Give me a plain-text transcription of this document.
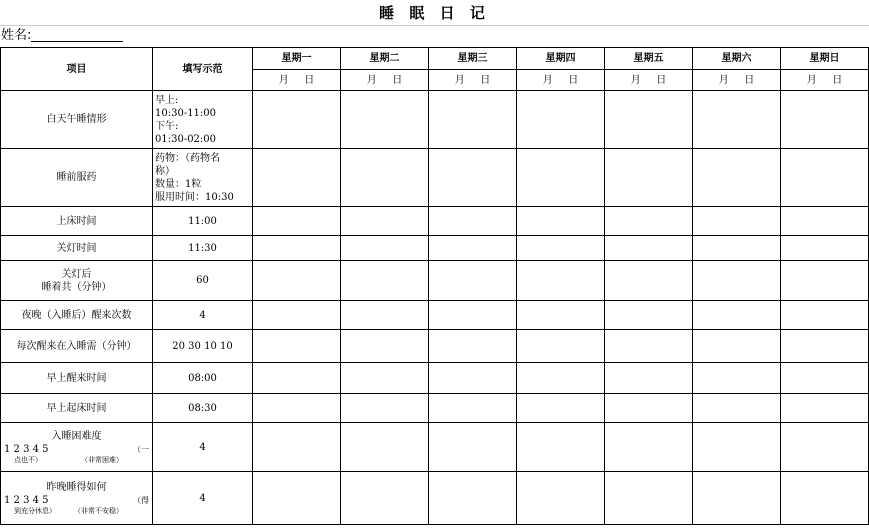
睡 眠 日 记
姓名:
项目	填写示范	星期一	星期二	星期三	星期四	星期五	星期六	星期日

		月 日	月 日	月 日	月 日	月 日	月 日	月 日

白天午睡情形	早上:
10:30-11:00
下午:
01:30-02:00							

睡前服药	药物：（药物名
称）
数量：1粒
服用时间：10:30							

上床时间	11:00							
关灯时间	11:30							

关灯后
睡着共（分钟）	60							
夜晚（入睡后）醒来次数	4							
每次醒来在入睡需（分钟）	20 30 10 10							
早上醒来时间	08:00							
早上起床时间	08:30							

入睡困难度
1 2 3 4 5 （一
点也不） （非常困难）	4							

昨晚睡得如何
1 2 3 4 5 （得
到充分休息） （非常不安稳）	4							
